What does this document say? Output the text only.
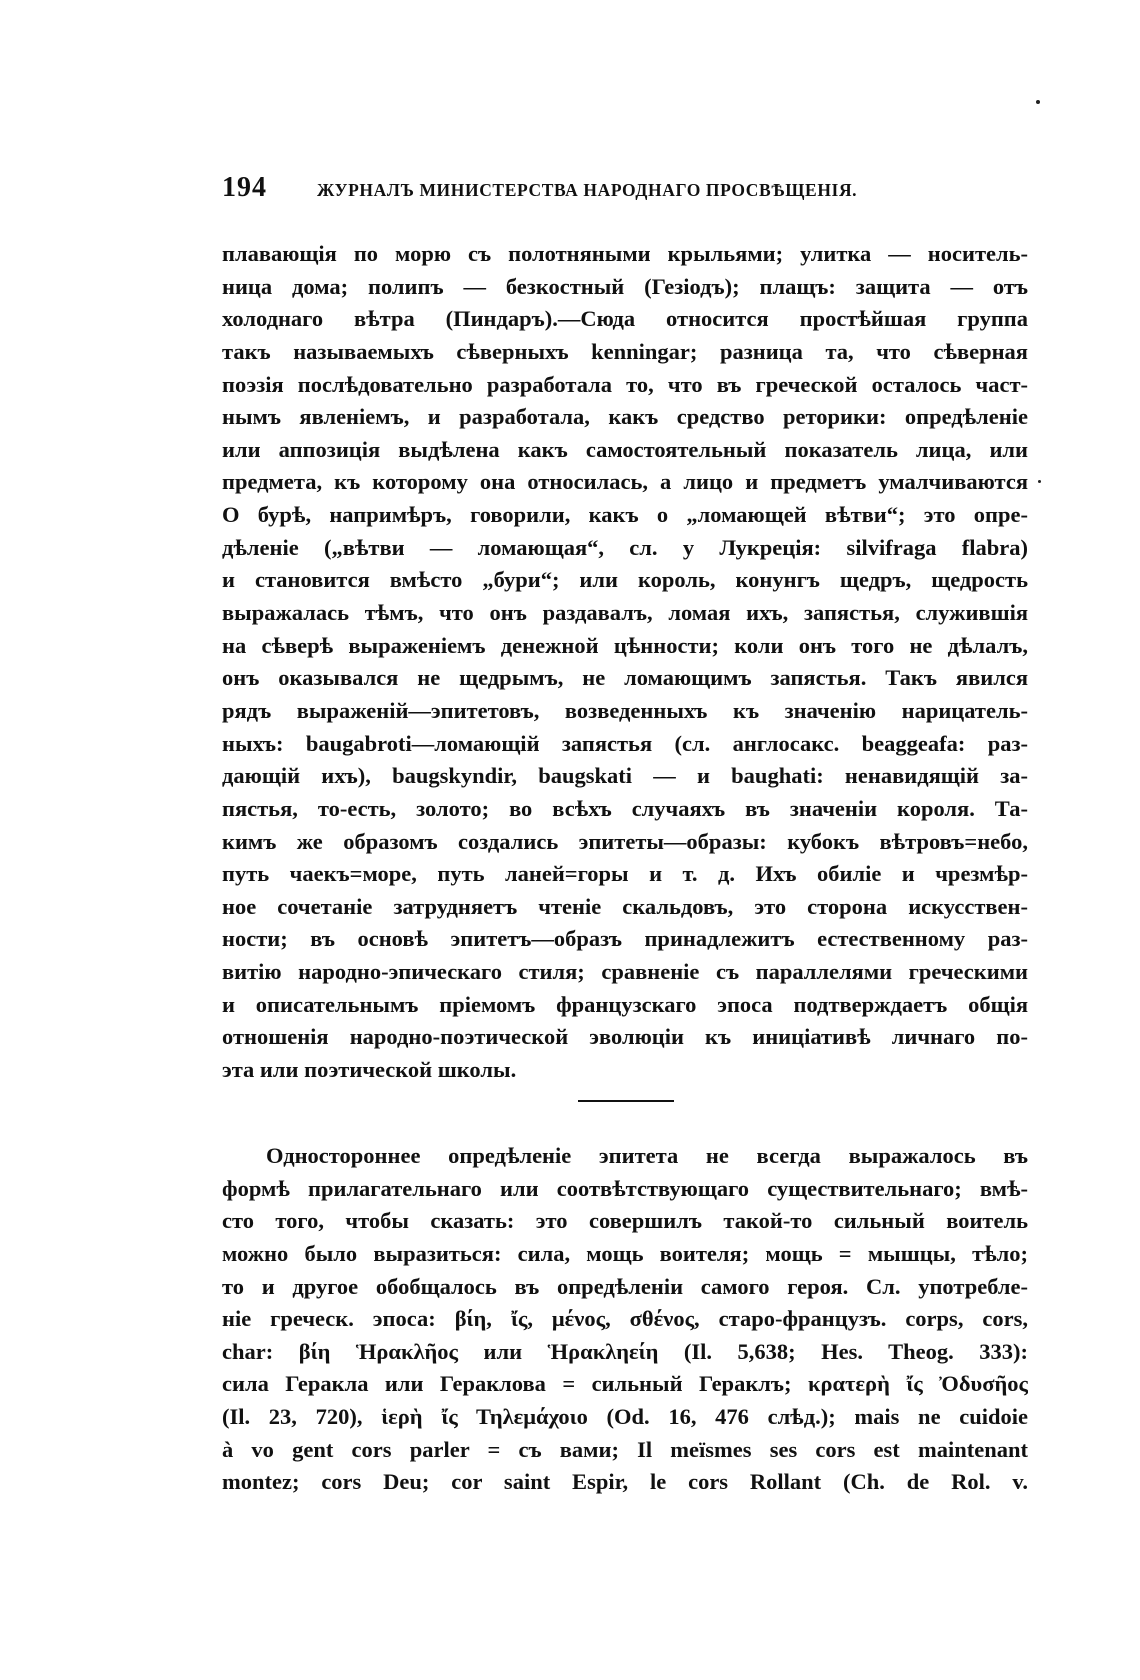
194	ЖУРНАЛЪ МИНИСТЕРСТВА НАРОДНАГО ПРОСВѢЩЕНІЯ.
плавающія по морю съ полотняными крыльями; улитка — носитель-
ница дома; полипъ — безкостный (Гезіодъ); плащъ: защита — отъ
холоднаго вѣтра (Пиндаръ).—Сюда относится простѣйшая группа
такъ называемыхъ сѣверныхъ kenningar; разница та, что сѣверная
поэзія послѣдовательно разработала то, что въ греческой осталось част-
нымъ явленіемъ, и разработала, какъ средство реторики: опредѣленіе
или аппозиція выдѣлена какъ самостоятельный показатель лица, или
предмета, къ которому она относилась, а лицо и предметъ умалчиваются
О бурѣ, напримѣръ, говорили, какъ о „ломающей вѣтви“; это опре-
дѣленіе („вѣтви — ломающая“, сл. у Лукреція: silvifraga flabra)
и становится вмѣсто „бури“; или король, конунгъ щедръ, щедрость
выражалась тѣмъ, что онъ раздавалъ, ломая ихъ, запястья, служившія
на сѣверѣ выраженіемъ денежной цѣнности; коли онъ того не дѣлалъ,
онъ оказывался не щедрымъ, не ломающимъ запястья. Такъ явился
рядъ выраженій—эпитетовъ, возведенныхъ къ значенію нарицатель-
ныхъ: baugabroti—ломающій запястья (сл. англосакс. beaggeafa: раз-
дающій ихъ), baugskyndir, baugskati — и baughati: ненавидящій за-
пястья, то-есть, золото; во всѣхъ случаяхъ въ значеніи короля. Та-
кимъ же образомъ создались эпитеты—образы: кубокъ вѣтровъ=небо,
путь чаекъ=море, путь ланей=горы и т. д. Ихъ обиліе и чрезмѣр-
ное сочетаніе затрудняетъ чтеніе скальдовъ, это сторона искусствен-
ности; въ основѣ эпитетъ—образъ принадлежитъ естественному раз-
витію народно-эпическаго стиля; сравненіе съ параллелями греческими
и описательнымъ пріемомъ французскаго эпоса подтверждаетъ общія
отношенія народно-поэтической эволюціи къ иниціативѣ личнаго по-
эта или поэтической школы.
Одностороннее опредѣленіе эпитета не всегда выражалось въ
формѣ прилагательнаго или соотвѣтствующаго существительнаго; вмѣ-
сто того, чтобы сказать: это совершилъ такой-то сильный воитель
можно было выразиться: сила, мощь воителя; мощь = мышцы, тѣло;
то и другое обобщалось въ опредѣленіи самого героя. Сл. употребле-
ніе греческ. эпоса: βίη, ἴς, μένος, σθένος, старо-французъ. corps, cors,
char: βίη Ἡρακλῆος или Ἡρακληείη (Il. 5,638; Hes. Theog. 333):
сила Геракла или Гераклова = сильный Гераклъ; κρατερὴ ἴς Ὀδυσῆος
(Il. 23, 720), ἱερὴ ἴς Τηλεμάχοιο (Od. 16, 476 слѣд.); mais ne cuidoie
à vo gent cors parler = съ вами; Il meïsmes ses cors est maintenant
montez; cors Deu; cor saint Espir, le cors Rollant (Ch. de Rol. v.
